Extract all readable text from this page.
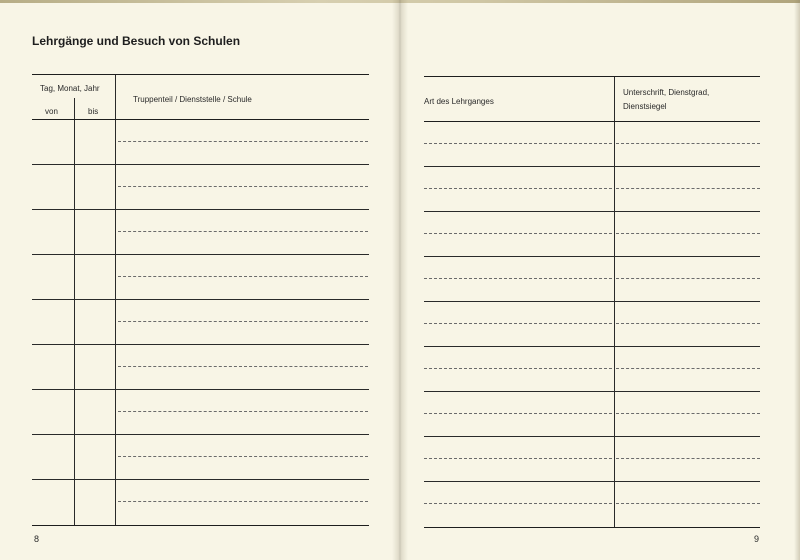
Lehrgänge und Besuch von Schulen
Tag, Monat, Jahr
von	bis
Truppenteil / Dienststelle / Schule
8
Art des Lehrganges
Unterschrift, Dienstgrad,
Dienstsiegel
9
